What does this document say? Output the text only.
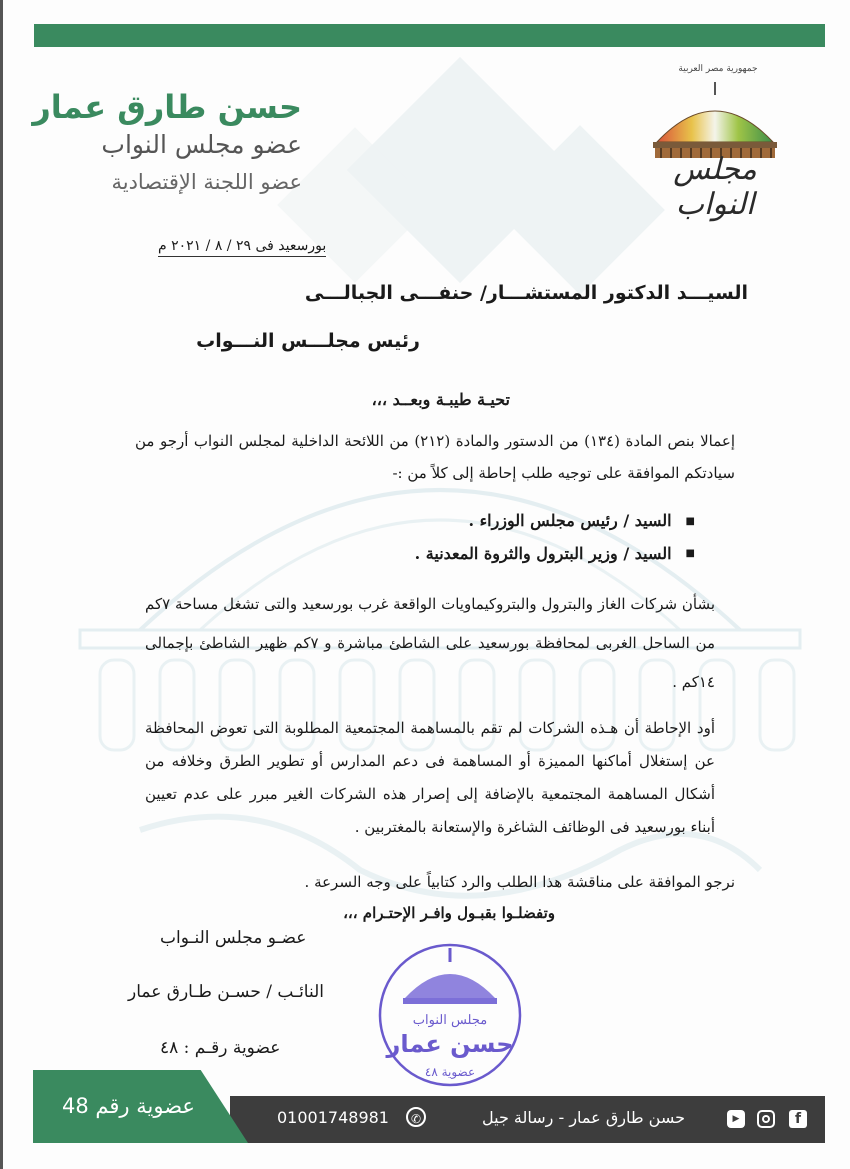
حسن طارق عمار
عضو مجلس النواب
عضو اللجنة الإقتصادية
جمهورية مصر العربية
مجلس النواب
بورسعيد فى ٢٩ / ٨ / ٢٠٢١ م
السيـــد الدكتور المستشـــار/ حنفـــى الجبالـــى
رئيس مجلـــس النـــواب
تحيـة طيبـة وبعــد ،،،
إعمالا بنص المادة (١٣٤) من الدستور والمادة (٢١٢) من اللائحة الداخلية لمجلس النواب أرجو من سيادتكم الموافقة على توجيه طلب إحاطة إلى كلاً من :-
■ السيد / رئيس مجلس الوزراء .
■ السيد / وزير البترول والثروة المعدنية .
بشأن شركات الغاز والبترول والبتروكيماويات الواقعة غرب بورسعيد والتى تشغل مساحة ٧كم من الساحل الغربى لمحافظة بورسعيد على الشاطئ مباشرة و ٧كم ظهير الشاطئ بإجمالى ١٤كم .
أود الإحاطة أن هـذه الشركات لم تقم بالمساهمة المجتمعية المطلوبة التى تعوض المحافظة عن إستغلال أماكنها المميزة أو المساهمة فى دعم المدارس أو تطوير الطرق وخلافه من أشكال المساهمة المجتمعية بالإضافة إلى إصرار هذه الشركات الغير مبرر على عدم تعيين أبناء بورسعيد فى الوظائف الشاغرة والإستعانة بالمغتربين .
نرجو الموافقة على مناقشة هذا الطلب والرد كتابياً على وجه السرعة .
وتفضلـوا بقبـول وافـر الإحتـرام ،،،
عضـو مجلس النـواب
النائـب / حسـن طـارق عمار
عضوية رقـم : ٤٨
مجلس النواب
حسن عمار
عضوية ٤٨
عضوية رقم 48	01001748981	✆	حسن طارق عمار - رسالة جيل	▶	f
